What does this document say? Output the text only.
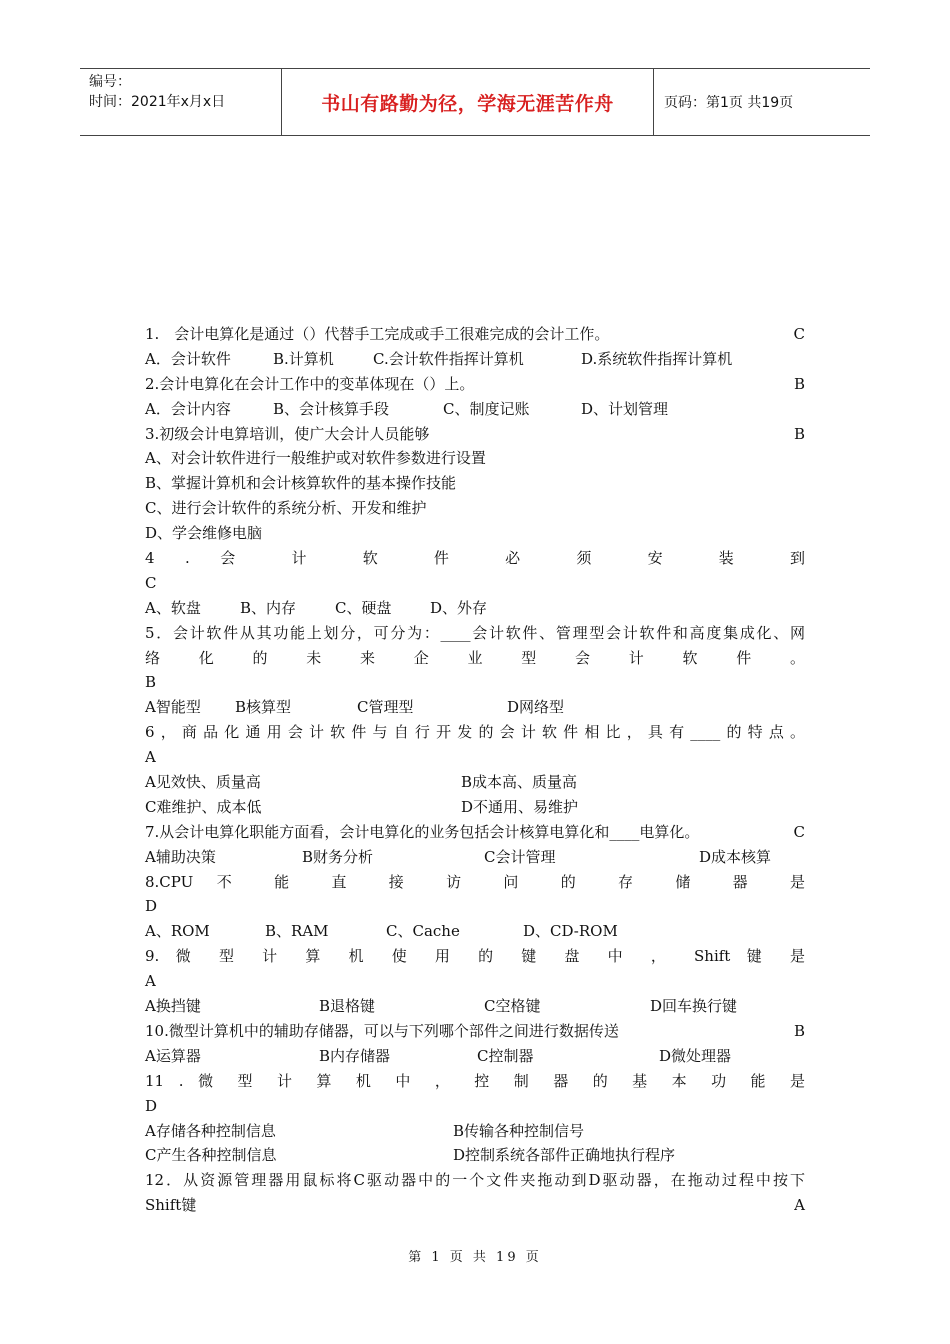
编号：
时间：2021年x月x日	书山有路勤为径，学海无涯苦作舟	页码：第1页 共19页
1.　会计电算化是通过（）代替手工完成或手工很难完成的会计工作。	C
A．会计软件	B.计算机	C.会计软件指挥计算机	D.系统软件指挥计算机
2.会计电算化在会计工作中的变革体现在（）上。	B
A．会计内容	B、会计核算手段	C、制度记账	D、计划管理
3.初级会计电算培训，使广大会计人员能够	B
A、对会计软件进行一般维护或对软件参数进行设置
B、掌握计算机和会计核算软件的基本操作技能
C、进行会计软件的系统分析、开发和维护
D、学会维修电脑
4 . 会 计 软 件 必 须 安 装 到
C
A、软盘	B、内存	C、硬盘	D、外存
5．会计软件从其功能上划分，可分为：____会计软件、管理型会计软件和高度集成化、网
络 化 的 未 来 企 业 型 会 计 软 件 。
B
A智能型	B核算型	C管理型	D网络型
6，商品化通用会计软件与自行开发的会计软件相比，具有____的特点。
A
A见效快、质量高	B成本高、质量高
C难维护、成本低	D不通用、易维护
7.从会计电算化职能方面看，会计电算化的业务包括会计核算电算化和____电算化。	C
A辅助决策	B财务分析	C会计管理	D成本核算
8.CPU 不 能 直 接 访 问 的 存 储 器 是
D
A、ROM	B、RAM	C、Cache	D、CD-ROM
9. 微 型 计 算 机 使 用 的 键 盘 中 ， Shift 键 是
A
A换挡键	B退格键	C空格键	D回车换行键
10.微型计算机中的辅助存储器，可以与下列哪个部件之间进行数据传送	B
A运算器	B内存储器	C控制器	D微处理器
11 . 微 型 计 算 机 中 ， 控 制 器 的 基 本 功 能 是
D
A存储各种控制信息	B传输各种控制信号
C产生各种控制信息	D控制系统各部件正确地执行程序
12．从资源管理器用鼠标将C驱动器中的一个文件夹拖动到D驱动器，在拖动过程中按下
Shift键	A
第 1 页 共 19 页
